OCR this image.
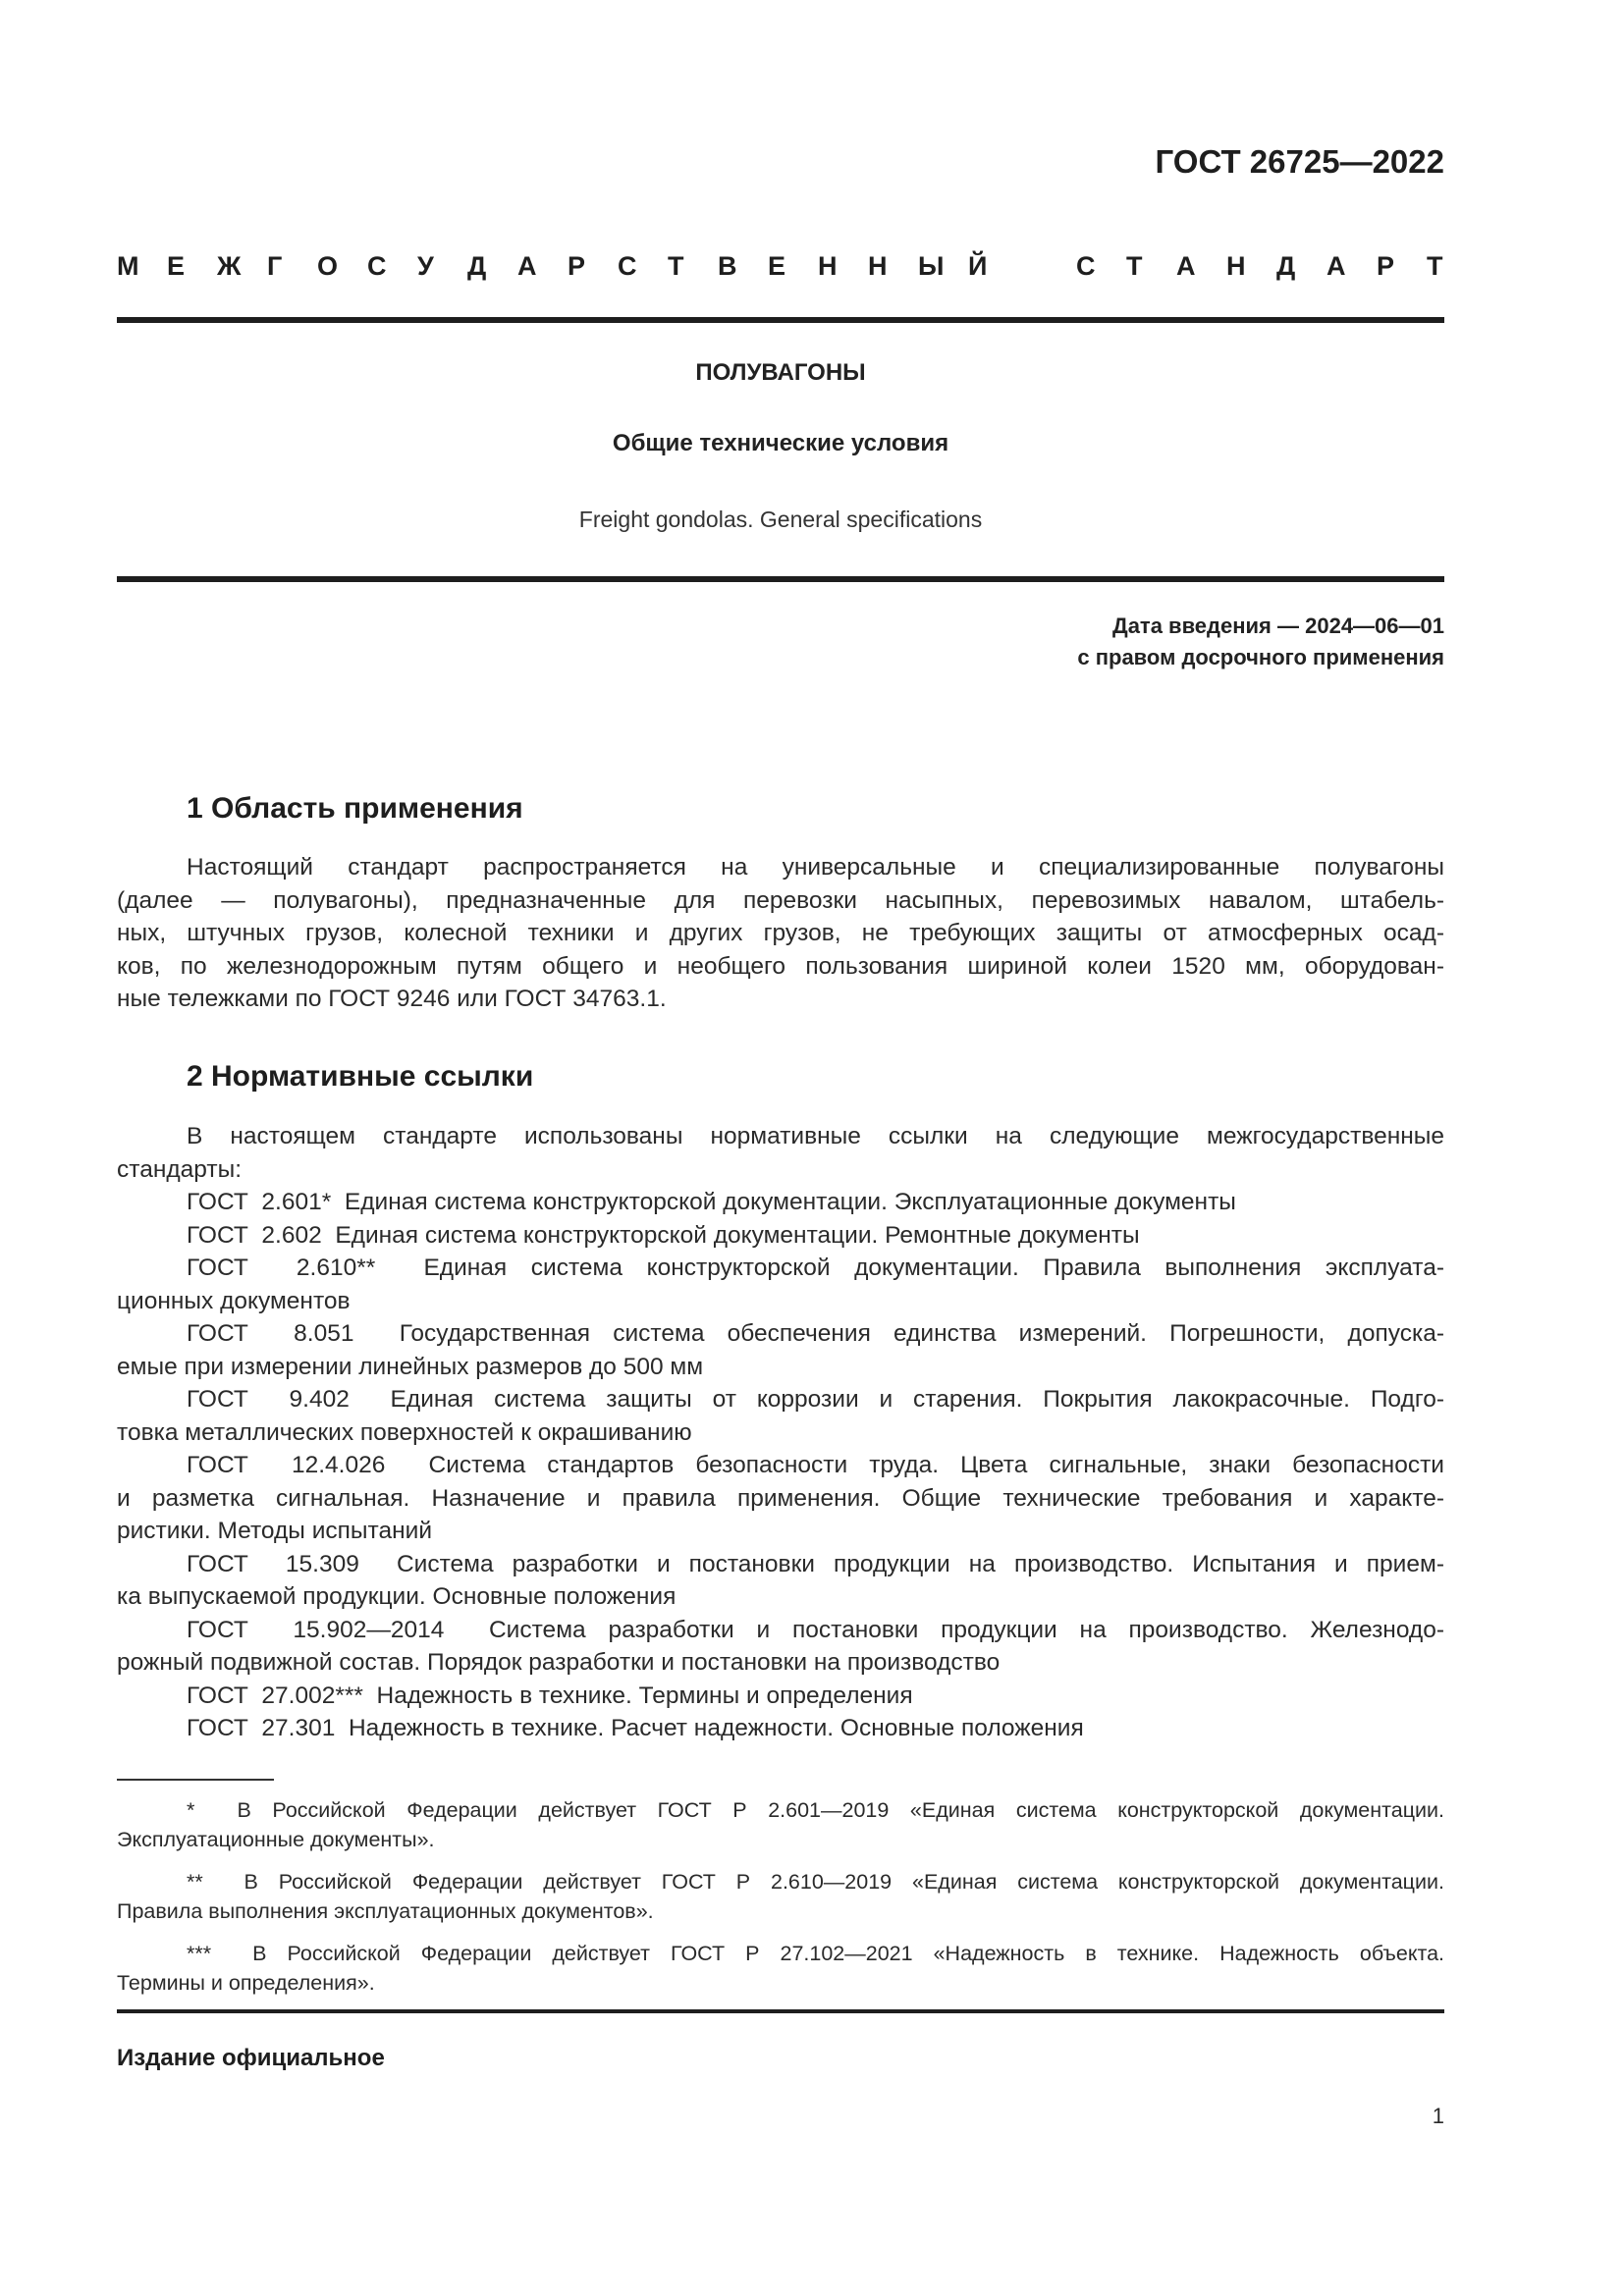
ГОСТ 26725—2022
М Е Ж Г О С У Д А Р С Т В Е Н Н Ы Й	С Т А Н Д А Р Т
ПОЛУВАГОНЫ
Общие технические условия
Freight gondolas. General specifications
Дата введения — 2024—06—01
с правом досрочного применения
1 Область применения
Настоящий стандарт распространяется на универсальные и специализированные полувагоны
(далее — полувагоны), предназначенные для перевозки насыпных, перевозимых навалом, штабель-
ных, штучных грузов, колесной техники и других грузов, не требующих защиты от атмосферных осад-
ков, по железнодорожным путям общего и необщего пользования шириной колеи 1520 мм, оборудован-
ные тележками по ГОСТ 9246 или ГОСТ 34763.1.
2 Нормативные ссылки
В настоящем стандарте использованы нормативные ссылки на следующие межгосударственные
стандарты:
ГОСТ  2.601*  Единая система конструкторской документации. Эксплуатационные документы
ГОСТ  2.602  Единая система конструкторской документации. Ремонтные документы
ГОСТ  2.610**  Единая система конструкторской документации. Правила выполнения эксплуата-
ционных документов
ГОСТ  8.051  Государственная система обеспечения единства измерений. Погрешности, допуска-
емые при измерении линейных размеров до 500 мм
ГОСТ  9.402  Единая система защиты от коррозии и старения. Покрытия лакокрасочные. Подго-
товка металлических поверхностей к окрашиванию
ГОСТ  12.4.026  Система стандартов безопасности труда. Цвета сигнальные, знаки безопасности
и разметка сигнальная. Назначение и правила применения. Общие технические требования и характе-
ристики. Методы испытаний
ГОСТ  15.309  Система разработки и постановки продукции на производство. Испытания и прием-
ка выпускаемой продукции. Основные положения
ГОСТ  15.902—2014  Система разработки и постановки продукции на производство. Железнодо-
рожный подвижной состав. Порядок разработки и постановки на производство
ГОСТ  27.002***  Надежность в технике. Термины и определения
ГОСТ  27.301  Надежность в технике. Расчет надежности. Основные положения
*  В Российской Федерации действует ГОСТ Р 2.601—2019 «Единая система конструкторской документации.
Эксплуатационные документы».
**  В Российской Федерации действует ГОСТ Р 2.610—2019 «Единая система конструкторской документации.
Правила выполнения эксплуатационных документов».
***  В Российской Федерации действует ГОСТ Р 27.102—2021 «Надежность в технике. Надежность объекта.
Термины и определения».
Издание официальное
1
